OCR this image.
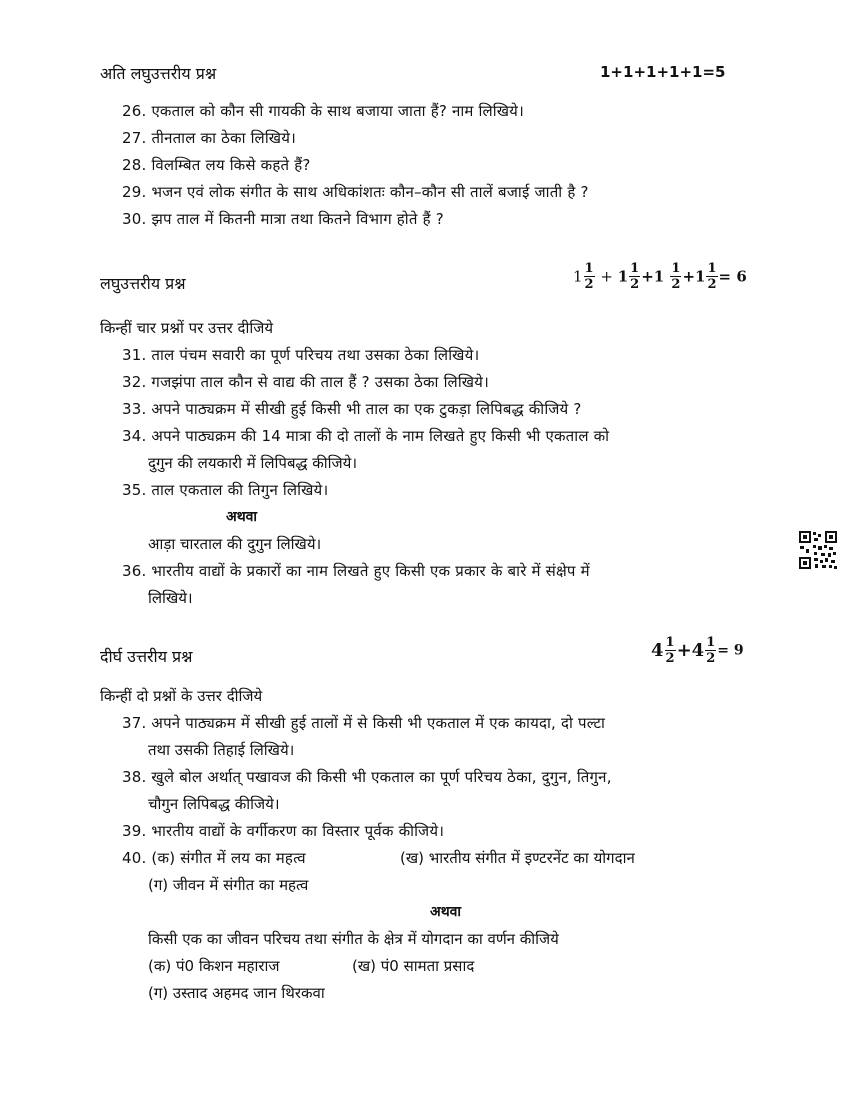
अति लघुउत्तरीय प्रश्न	1+1+1+1+1=5
26. एकताल को कौन सी गायकी के साथ बजाया जाता हैं? नाम लिखिये।
27. तीनताल का ठेका लिखिये।
28. विलम्बित लय किसे कहते हैं?
29. भजन एवं लोक संगीत के साथ अधिकांशतः कौन–कौन सी तालें बजाई जाती है ?
30. झप ताल में कितनी मात्रा तथा कितने विभाग होते हैं ?
लघुउत्तरीय प्रश्न	$1 \frac{1}{2} + 1 \frac{1}{2} +1 \frac{1}{2} +1 \frac{1}{2} = 6$
किन्हीं चार प्रश्नों पर उत्तर दीजिये
31. ताल पंचम सवारी का पूर्ण परिचय तथा उसका ठेका लिखिये।
32. गजझंपा ताल कौन से वाद्य की ताल हैं ? उसका ठेका लिखिये।
33. अपने पाठ्यक्रम में सीखी हुई किसी भी ताल का एक टुकड़ा लिपिबद्ध कीजिये ?
34. अपने पाठ्यक्रम की 14 मात्रा की दो तालों के नाम लिखते हुए किसी भी एकताल को
दुगुन की लयकारी में लिपिबद्ध कीजिये।
35. ताल एकताल की तिगुन लिखिये।
अथवा
आड़ा चारताल की दुगुन लिखिये।
36. भारतीय वाद्यों के प्रकारों का नाम लिखते हुए किसी एक प्रकार के बारे में संक्षेप में
लिखिये।
दीर्घ उत्तरीय प्रश्न	$4 \frac{1}{2} +4 \frac{1}{2} = 9$
किन्हीं दो प्रश्नों के उत्तर दीजिये
37. अपने पाठ्यक्रम में सीखी हुई तालों में से किसी भी एकताल में एक कायदा, दो पल्टा
तथा उसकी तिहाई लिखिये।
38. खुले बोल अर्थात् पखावज की किसी भी एकताल का पूर्ण परिचय ठेका, दुगुन, तिगुन,
चौगुन लिपिबद्ध कीजिये।
39. भारतीय वाद्यों के वर्गीकरण का विस्तार पूर्वक कीजिये।
40. (क) संगीत में लय का महत्व	(ख) भारतीय संगीत में इण्टरनेंट का योगदान
(ग) जीवन में संगीत का महत्व
अथवा
किसी एक का जीवन परिचय तथा संगीत के क्षेत्र में योगदान का वर्णन कीजिये
(क) पं0 किशन महाराज	(ख) पं0 सामता प्रसाद
(ग) उस्ताद अहमद जान थिरकवा
